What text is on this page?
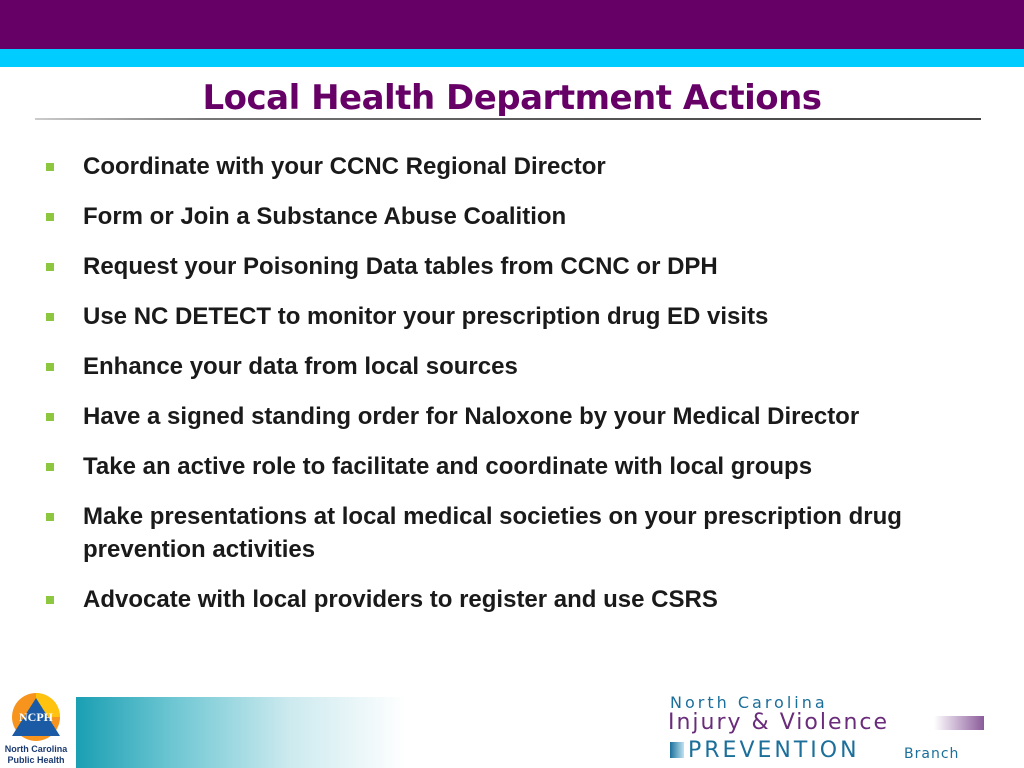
Local Health Department Actions
Coordinate with your CCNC Regional Director
Form or Join a Substance Abuse Coalition
Request your Poisoning Data tables from CCNC or DPH
Use NC DETECT to monitor your prescription drug ED visits
Enhance your data from local sources
Have a signed standing order for Naloxone by your Medical Director
Take an active role to facilitate and coordinate with local groups
Make presentations at local medical societies on your prescription drug prevention activities
Advocate with local providers to register and use CSRS
NCPH
North Carolina
Public Health
North Carolina
Injury & Violence
PREVENTION	Branch
